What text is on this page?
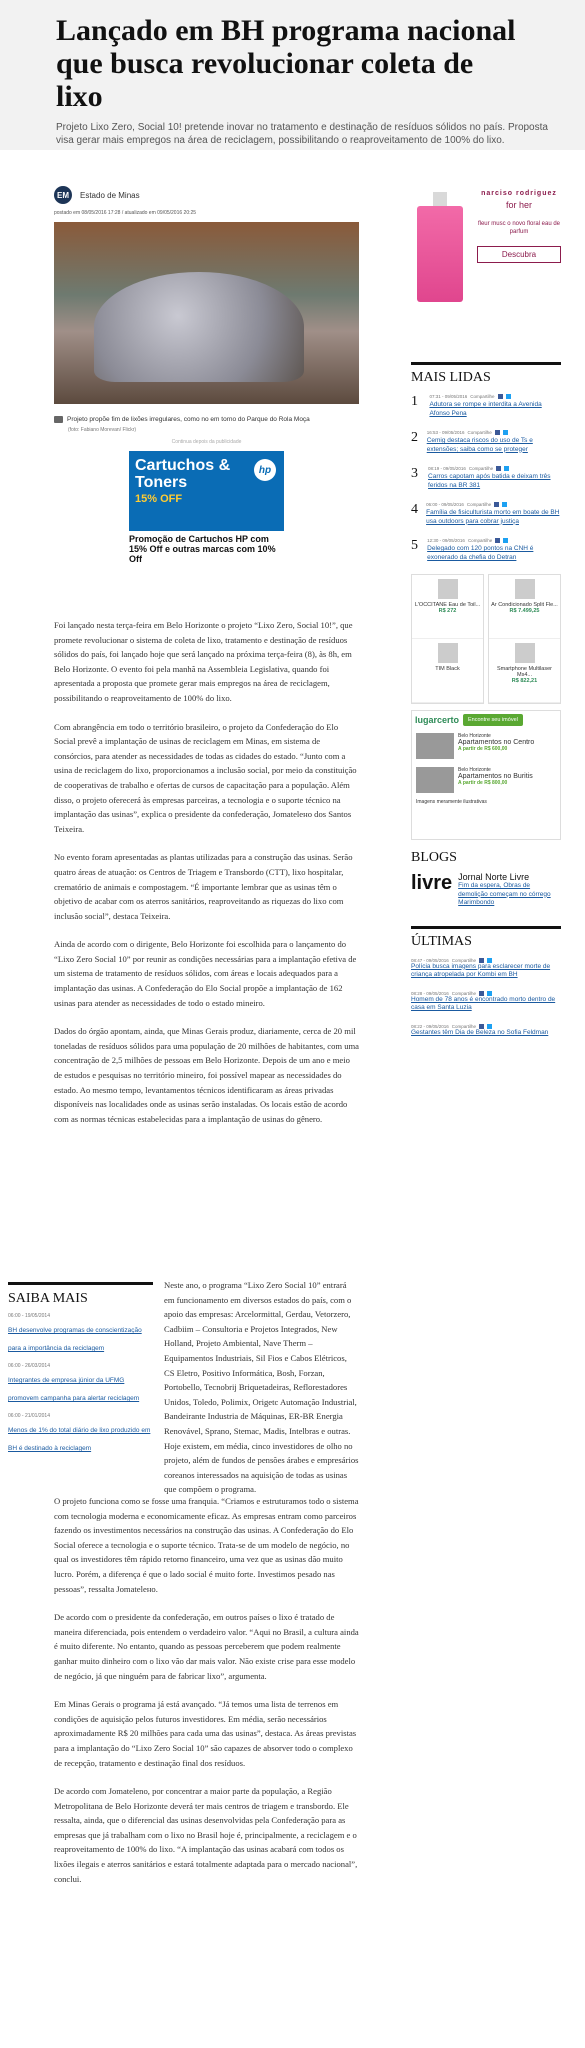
Lançado em BH programa nacional que busca revolucionar coleta de lixo

Projeto Lixo Zero, Social 10! pretende inovar no tratamento e destinação de resíduos sólidos no país. Proposta visa gerar mais empregos na área de reciclagem, possibilitando o reaproveitamento de 100% do lixo.

EM	Estado de Minas
postado em 08/05/2016 17:28 / atualizado em 09/05/2016 20:25
Projeto propõe fim de lixões irregulares, como no em torno do Parque do Rola Moça
(foto: Fabiano Morevan/ Flickr)
Continua depois da publicidade
Cartuchos & Toners
15% OFF
hp
Promoção de Cartuchos HP com 15% Off e outras marcas com 10% Off

Foi lançado nesta terça-feira em Belo Horizonte o projeto “Lixo Zero, Social 10!”, que promete revolucionar o sistema de coleta de lixo, tratamento e destinação de resíduos sólidos do país, foi lançado hoje que será lançado na próxima terça-feira (8), às 8h, em Belo Horizonte. O evento foi pela manhã na Assembleia Legislativa, quando foi apresentada a proposta que promete gerar mais empregos na área de reciclagem, possibilitando o reaproveitamento de 100% do lixo.

Com abrangência em todo o território brasileiro, o projeto da Confederação do Elo Social prevê a implantação de usinas de reciclagem em Minas, em sistema de consórcios, para atender as necessidades de todas as cidades do estado. “Junto com a usina de reciclagem do lixo, proporcionamos a inclusão social, por meio da constituição de cooperativas de trabalho e ofertas de cursos de capacitação para a população. Além disso, o projeto oferecerá às empresas parceiras, a tecnologia e o suporte técnico na implantação das usinas”, explica o presidente da confederação, Jomatelено dos Santos Teixeira.

No evento foram apresentadas as plantas utilizadas para a construção das usinas. Serão quatro áreas de atuação: os Centros de Triagem e Transbordo (CTT), lixo hospitalar, crematório de animais e compostagem. “É importante lembrar que as usinas têm o objetivo de acabar com os aterros sanitários, reaproveitando as riquezas do lixo com inclusão social”, destaca Teixeira.

Ainda de acordo com o dirigente, Belo Horizonte foi escolhida para o lançamento do “Lixo Zero Social 10” por reunir as condições necessárias para a implantação efetiva de um sistema de tratamento de resíduos sólidos, com áreas e locais adequados para a implantação das usinas. A Confederação do Elo Social propõe a implantação de 162 usinas para atender as necessidades de todo o estado mineiro.

Dados do órgão apontam, ainda, que Minas Gerais produz, diariamente, cerca de 20 mil toneladas de resíduos sólidos para uma população de 20 milhões de habitantes, com uma concentração de 2,5 milhões de pessoas em Belo Horizonte. Depois de um ano e meio de estudos e pesquisas no território mineiro, foi possível mapear as necessidades do estado. Ao mesmo tempo, levantamentos técnicos identificaram as áreas privadas disponíveis nas localidades onde as usinas serão instaladas. Os locais estão de acordo com as normas técnicas estabelecidas para a implantação de usinas do gênero.

SAIBA MAIS
06:00 - 19/05/2014
BH desenvolve programas de conscientização para a importância da reciclagem
06:00 - 26/03/2014
Integrantes de empresa júnior da UFMG promovem campanha para alertar reciclagem
06:00 - 21/01/2014
Menos de 1% do total diário de lixo produzido em BH é destinado à reciclagem

Neste ano, o programa “Lixo Zero Social 10” entrará em funcionamento em diversos estados do país, com o apoio das empresas: Arcelormittal, Gerdau, Vetorzero, Cadbiim – Consultoria e Projetos Integrados, New Holland, Projeto Ambiental, Nave Therm – Equipamentos Industriais, Sil Fios e Cabos Elétricos, CS Eletro, Positivo Informática, Bosh, Forzan, Portobello, Tecnobrij Briquetadeiras, Reflorestadores Unidos, Toledo, Polimix, Origetc Automação Industrial, Bandeirante Industria de Máquinas, ER-BR Energia Renovável, Sprano, Stemac, Madis, Intelbras e outras. Hoje existem, em média, cinco investidores de olho no projeto, além de fundos de pensões árabes e empresários coreanos interessados na aquisição de todas as usinas que compõem o programa.

O projeto funciona como se fosse uma franquia. “Criamos e estruturamos todo o sistema com tecnologia moderna e economicamente eficaz. As empresas entram como parceiros fazendo os investimentos necessários na construção das usinas. A Confederação do Elo Social oferece a tecnologia e o suporte técnico. Trata-se de um modelo de negócio, no qual os investidores têm rápido retorno financeiro, uma vez que as usinas dão muito lucro. Porém, a diferença é que o lado social é muito forte. Investimos pesado nas pessoas”, ressalta Jomatelено.

De acordo com o presidente da confederação, em outros países o lixo é tratado de maneira diferenciada, pois entendem o verdadeiro valor. “Aqui no Brasil, a cultura ainda é muito diferente. No entanto, quando as pessoas perceberem que podem realmente ganhar muito dinheiro com o lixo vão dar mais valor. Não existe crise para esse modelo de negócio, já que ninguém para de fabricar lixo”, argumenta.

Em Minas Gerais o programa já está avançado. “Já temos uma lista de terrenos em condições de aquisição pelos futuros investidores. Em média, serão necessários aproximadamente R$ 20 milhões para cada uma das usinas”, destaca. As áreas previstas para a implantação do “Lixo Zero Social 10” são capazes de absorver todo o complexo de recepção, tratamento e destinação final dos resíduos.

De acordo com Jomateleno, por concentrar a maior parte da população, a Região Metropolitana de Belo Horizonte deverá ter mais centros de triagem e transbordo. Ele ressalta, ainda, que o diferencial das usinas desenvolvidas pela Confederação para as empresas que já trabalham com o lixo no Brasil hoje é, principalmente, a reciclagem e o reaproveitamento de 100% do lixo. “A implantação das usinas acabará com todos os lixões ilegais e aterros sanitários e estará totalmente adaptada para o mercado nacional”, conclui.

narciso rodriguez
for her
fleur musc o novo floral eau de parfum
Descubra
MAIS LIDAS
1	07:31 - 09/05/2016 Compartilhe
Adutora se rompe e interdita a Avenida Afonso Pena
2 16:53 - 09/05/2016 Compartilhe
Cemig destaca riscos do uso de Ts e extensões; saiba como se proteger
3	08:19 - 09/05/2016 Compartilhe
Carros capotam após batida e deixam três feridos na BR 381
4 06:00 - 09/05/2016 Compartilhe
Família de fisiculturista morto em boate de BH usa outdoors para cobrar justiça
5 12:30 - 09/05/2016 Compartilhe
Delegado com 120 pontos na CNH é exonerado da chefia do Detran
L'OCCITANE Eau de Toil...
R$ 272
TIM Black
Ar Condicionado Split Fle...
R$ 7.499,25
Smartphone Multilaser Ms4...
R$ 822,21
lugarcerto	Encontre seu imóvel
Belo Horizonte
Apartamentos no Centro
A partir de R$ 600,00
Belo Horizonte
Apartamentos no Buritis
A partir de R$ 800,00
Imagens meramente ilustrativas
BLOGS
livre Jornal Norte Livre
Fim da espera, Obras de demolição começam no córrego Marimbondo
ÚLTIMAS
08:47 - 09/05/2016 Compartilhe
Polícia busca imagens para esclarecer morte de criança atropelada por Kombi em BH
08:28 - 09/05/2016 Compartilhe
Homem de 78 anos é encontrado morto dentro de casa em Santa Luzia
08:22 - 09/05/2016 Compartilhe
Gestantes têm Dia de Beleza no Sofia Feldman
